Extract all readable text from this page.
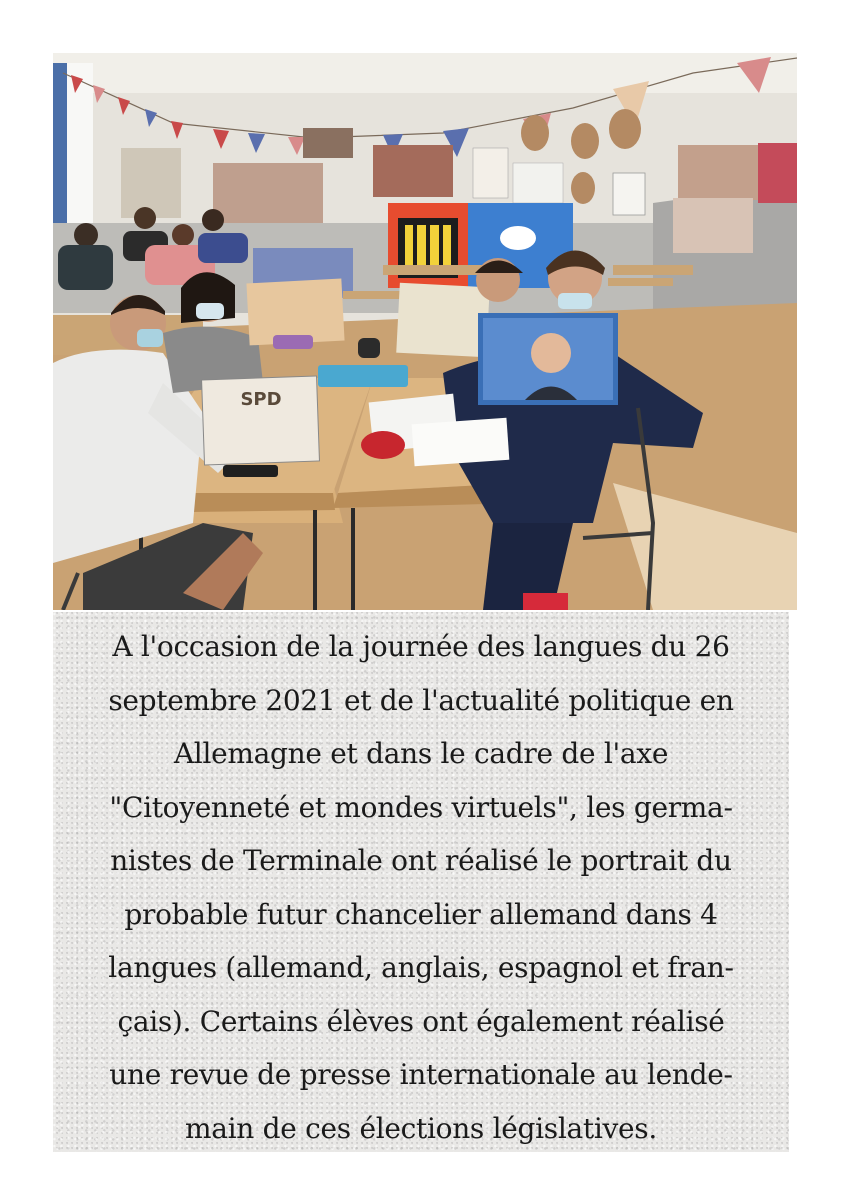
SPD

A l'occasion de la journée des langues du 26
septembre 2021 et de l'actualité politique en
Allemagne et dans le cadre de l'axe
"Citoyenneté et mondes virtuels", les germa-
nistes de Terminale ont réalisé le portrait du
probable futur chancelier allemand dans 4
langues (allemand, anglais, espagnol et fran-
çais). Certains élèves ont également réalisé
une revue de presse internationale au lende-
main de ces élections législatives.
